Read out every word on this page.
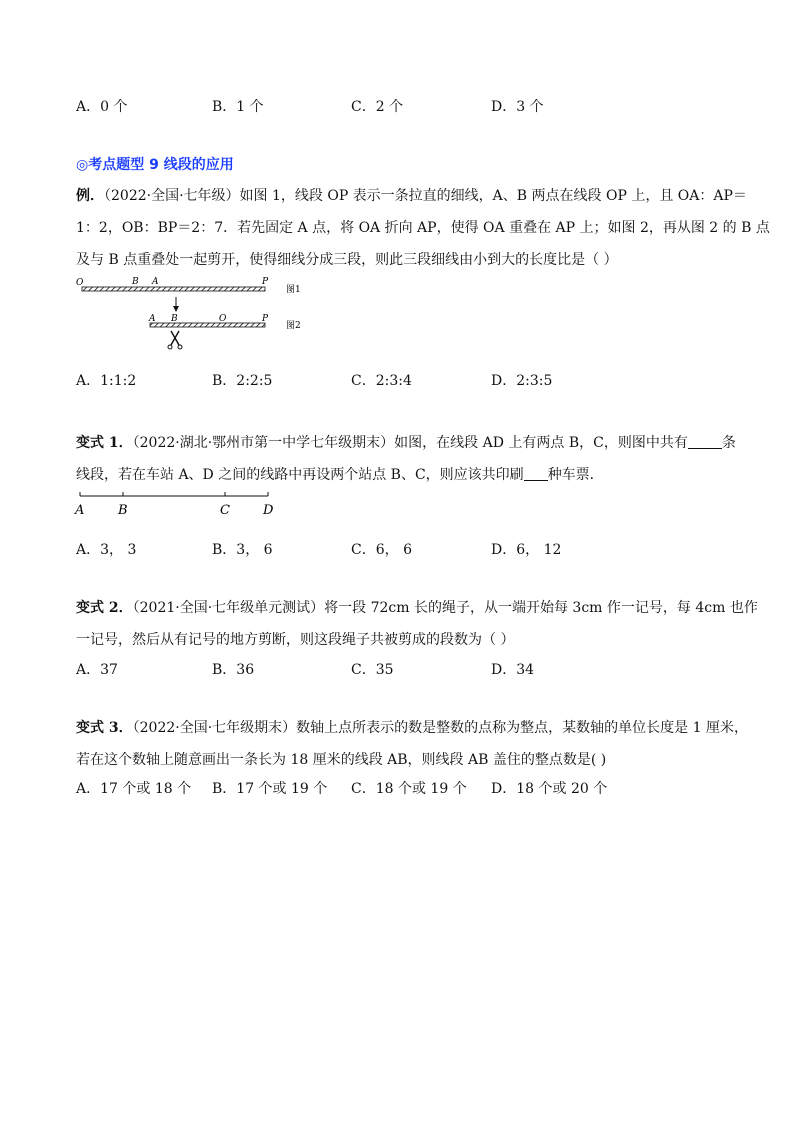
A．0 个	B．1 个	C．2 个	D．3 个
◎考点题型 9 线段的应用
例．（2022·全国·七年级）如图 1，线段 OP 表示一条拉直的细线，A、B 两点在线段 OP 上，且 OA：AP＝
1：2，OB：BP＝2：7．若先固定 A 点，将 OA 折向 AP，使得 OA 重叠在 AP 上；如图 2，再从图 2 的 B 点
及与 B 点重叠处一起剪开，使得细线分成三段，则此三段细线由小到大的长度比是（ ）
O	B A	P
图1
A B	O	P
图2
A．1:1:2	B．2:2:5	C．2:3:4	D．2:3:5
变式 1．（2022·湖北·鄂州市第一中学七年级期末）如图，在线段 AD 上有两点 B，C，则图中共有 条
线段，若在车站 A、D 之间的线路中再设两个站点 B、C，则应该共印刷 种车票．
A	B	C	D
A．3， 3	B．3， 6	C．6， 6	D．6， 12
变式 2．（2021·全国·七年级单元测试）将一段 72cm 长的绳子，从一端开始每 3cm 作一记号，每 4cm 也作
一记号，然后从有记号的地方剪断，则这段绳子共被剪成的段数为（ ）
A．37	B．36	C．35	D．34
变式 3．（2022·全国·七年级期末）数轴上点所表示的数是整数的点称为整点，某数轴的单位长度是 1 厘米，
若在这个数轴上随意画出一条长为 18 厘米的线段 AB，则线段 AB 盖住的整点数是( )
A．17 个或 18 个 B．17 个或 19 个 C．18 个或 19 个 D．18 个或 20 个
